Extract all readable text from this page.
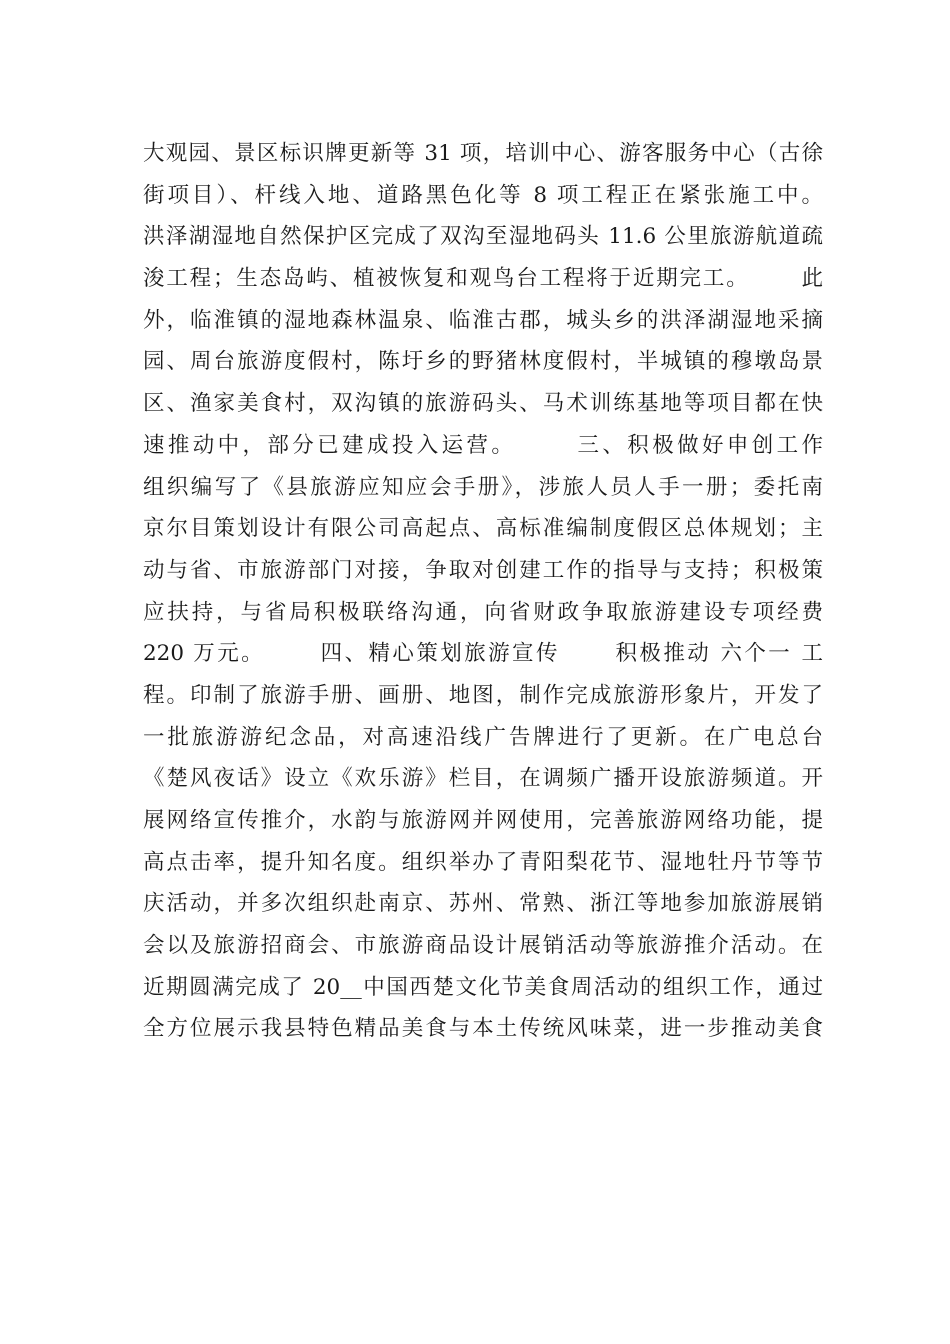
大观园、景区标识牌更新等 31 项，培训中心、游客服务中心（古徐
街项目）、杆线入地、道路黑色化等 8 项工程正在紧张施工中。
洪泽湖湿地自然保护区完成了双沟至湿地码头 11.6 公里旅游航道疏
浚工程；生态岛屿、植被恢复和观鸟台工程将于近期完工。      此
外，临淮镇的湿地森林温泉、临淮古郡，城头乡的洪泽湖湿地采摘
园、周台旅游度假村，陈圩乡的野猪林度假村，半城镇的穆墩岛景
区、渔家美食村，双沟镇的旅游码头、马术训练基地等项目都在快
速推动中，部分已建成投入运营。      三、积极做好申创工作
组织编写了《县旅游应知应会手册》，涉旅人员人手一册；委托南
京尔目策划设计有限公司高起点、高标准编制度假区总体规划；主
动与省、市旅游部门对接，争取对创建工作的指导与支持；积极策
应扶持，与省局积极联络沟通，向省财政争取旅游建设专项经费
220 万元。      四、精心策划旅游宣传      积极推动 六个一 工
程。印制了旅游手册、画册、地图，制作完成旅游形象片，开发了
一批旅游游纪念品，对高速沿线广告牌进行了更新。在广电总台
《楚风夜话》设立《欢乐游》栏目，在调频广播开设旅游频道。开
展网络宣传推介，水韵与旅游网并网使用，完善旅游网络功能，提
高点击率，提升知名度。组织举办了青阳梨花节、湿地牡丹节等节
庆活动，并多次组织赴南京、苏州、常熟、浙江等地参加旅游展销
会以及旅游招商会、市旅游商品设计展销活动等旅游推介活动。在
近期圆满完成了 20__中国西楚文化节美食周活动的组织工作，通过
全方位展示我县特色精品美食与本土传统风味菜，进一步推动美食
